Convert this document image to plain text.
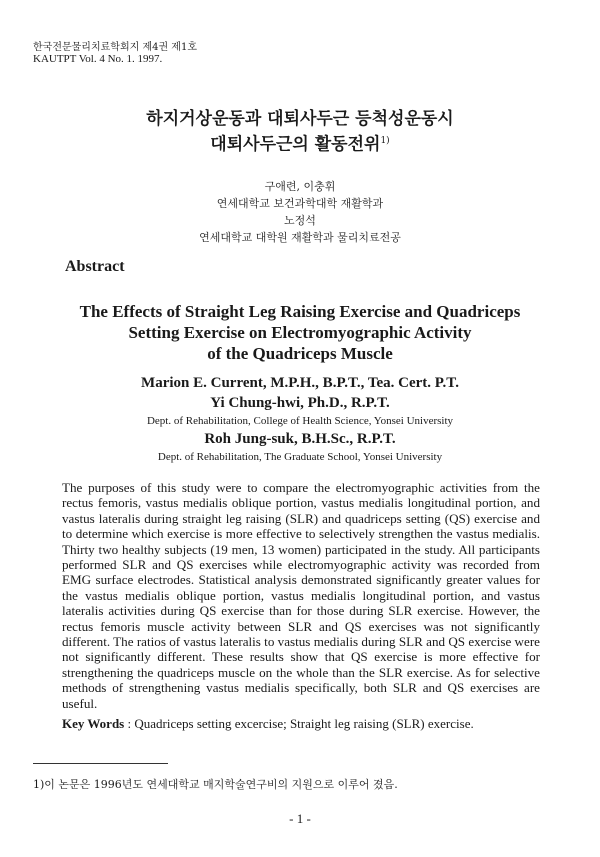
한국전문물리치료학회지 제4권 제1호
KAUTPT Vol. 4 No. 1. 1997.
하지거상운동과 대퇴사두근 등척성운동시
대퇴사두근의 활동전위$^{1)}$
구애련, 이충휘
연세대학교 보건과학대학 재활학과
노정석
연세대학교 대학원 재활학과 물리치료전공
Abstract
The Effects of Straight Leg Raising Exercise and Quadriceps
Setting Exercise on Electromyographic Activity
of the Quadriceps Muscle
Marion E. Current, M.P.H., B.P.T., Tea. Cert. P.T.
Yi Chung-hwi, Ph.D., R.P.T.
Dept. of Rehabilitation, College of Health Science, Yonsei University
Roh Jung-suk, B.H.Sc., R.P.T.
Dept. of Rehabilitation, The Graduate School, Yonsei University

The purposes of this study were to compare the electromyographic activities from the rectus femoris, vastus medialis oblique portion, vastus medialis longitudinal portion, and vastus lateralis during straight leg raising (SLR) and quadriceps setting (QS) exercise and to determine which exercise is more effective to selectively strengthen the vastus medialis. Thirty two healthy subjects (19 men, 13 women) participated in the study. All participants performed SLR and QS exercises while electromyographic activity was recorded from EMG surface electrodes. Statistical analysis demonstrated significantly greater values for the vastus medialis oblique portion, vastus medialis longitudinal portion, and vastus lateralis activities during QS exercise than for those during SLR exercise. However, the rectus femoris muscle activity between SLR and QS exercises was not significantly different. The ratios of vastus lateralis to vastus medialis during SLR and QS exercise were not significantly different. These results show that QS exercise is more effective for strengthening the quadriceps muscle on the whole than the SLR exercise. As for selective methods of strengthening vastus medialis specifically, both SLR and QS exercises are useful.

Key Words : Quadriceps setting excercise; Straight leg raising (SLR) exercise.
1)이 논문은 1996년도 연세대학교 매지학술연구비의 지원으로 이루어 졌음.
- 1 -
